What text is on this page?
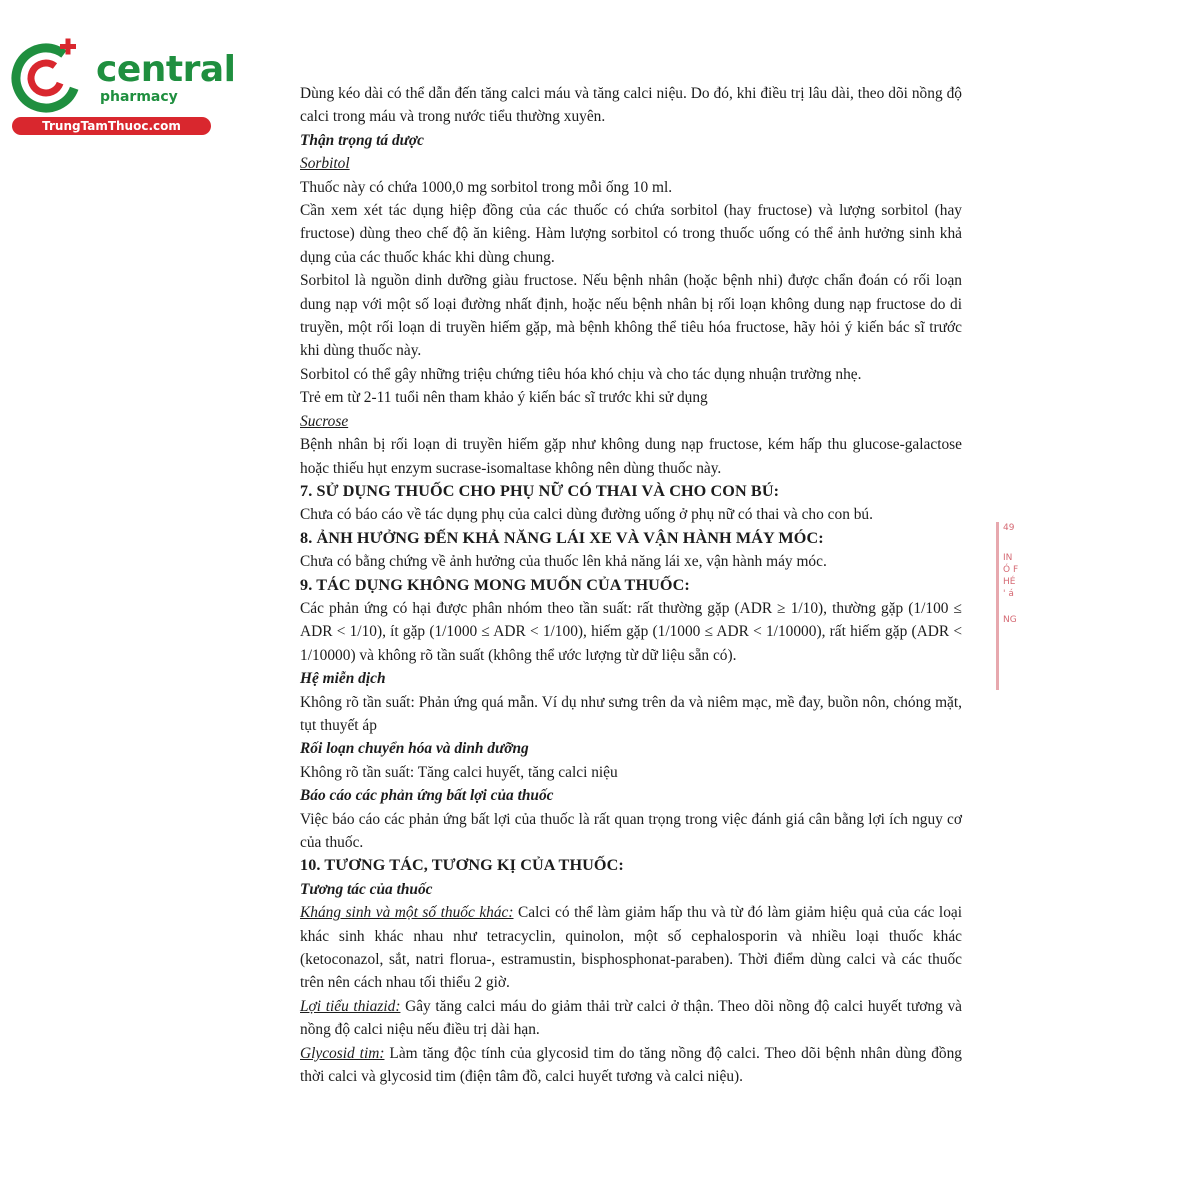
central
pharmacy
TrungTamThuoc.com

Dùng kéo dài có thể dẫn đến tăng calci máu và tăng calci niệu. Do đó, khi điều trị lâu dài, theo dõi nồng độ calci trong máu và trong nước tiểu thường xuyên.

Thận trọng tá dược

Sorbitol

Thuốc này có chứa 1000,0 mg sorbitol trong mỗi ống 10 ml.

Cần xem xét tác dụng hiệp đồng của các thuốc có chứa sorbitol (hay fructose) và lượng sorbitol (hay fructose) dùng theo chế độ ăn kiêng. Hàm lượng sorbitol có trong thuốc uống có thể ảnh hưởng sinh khả dụng của các thuốc khác khi dùng chung.

Sorbitol là nguồn dinh dưỡng giàu fructose. Nếu bệnh nhân (hoặc bệnh nhi) được chẩn đoán có rối loạn dung nạp với một số loại đường nhất định, hoặc nếu bệnh nhân bị rối loạn không dung nạp fructose do di truyền, một rối loạn di truyền hiếm gặp, mà bệnh không thể tiêu hóa fructose, hãy hỏi ý kiến bác sĩ trước khi dùng thuốc này.

Sorbitol có thể gây những triệu chứng tiêu hóa khó chịu và cho tác dụng nhuận trường nhẹ.

Trẻ em từ 2-11 tuổi nên tham khảo ý kiến bác sĩ trước khi sử dụng

Sucrose

Bệnh nhân bị rối loạn di truyền hiếm gặp như không dung nạp fructose, kém hấp thu glucose-galactose hoặc thiếu hụt enzym sucrase-isomaltase không nên dùng thuốc này.

7. SỬ DỤNG THUỐC CHO PHỤ NỮ CÓ THAI VÀ CHO CON BÚ:

Chưa có báo cáo về tác dụng phụ của calci dùng đường uống ở phụ nữ có thai và cho con bú.

8. ẢNH HƯỞNG ĐẾN KHẢ NĂNG LÁI XE VÀ VẬN HÀNH MÁY MÓC:

Chưa có bằng chứng về ảnh hưởng của thuốc lên khả năng lái xe, vận hành máy móc.

9. TÁC DỤNG KHÔNG MONG MUỐN CỦA THUỐC:

Các phản ứng có hại được phân nhóm theo tần suất: rất thường gặp (ADR ≥ 1/10), thường gặp (1/100 ≤ ADR < 1/10), ít gặp (1/1000 ≤ ADR < 1/100), hiếm gặp (1/1000 ≤ ADR < 1/10000), rất hiếm gặp (ADR < 1/10000) và không rõ tần suất (không thể ước lượng từ dữ liệu sẵn có).

Hệ miễn dịch

Không rõ tần suất: Phản ứng quá mẫn. Ví dụ như sưng trên da và niêm mạc, mề đay, buồn nôn, chóng mặt, tụt thuyết áp

Rối loạn chuyển hóa và dinh dưỡng

Không rõ tần suất: Tăng calci huyết, tăng calci niệu

Báo cáo các phản ứng bất lợi của thuốc

Việc báo cáo các phản ứng bất lợi của thuốc là rất quan trọng trong việc đánh giá cân bằng lợi ích nguy cơ của thuốc.

10. TƯƠNG TÁC, TƯƠNG KỊ CỦA THUỐC:

Tương tác của thuốc

Kháng sinh và một số thuốc khác: Calci có thể làm giảm hấp thu và từ đó làm giảm hiệu quả của các loại khác sinh khác nhau như tetracyclin, quinolon, một số cephalosporin và nhiều loại thuốc khác (ketoconazol, sắt, natri florua-, estramustin, bisphosphonat-paraben). Thời điểm dùng calci và các thuốc trên nên cách nhau tối thiểu 2 giờ.

Lợi tiểu thiazid: Gây tăng calci máu do giảm thải trừ calci ở thận. Theo dõi nồng độ calci huyết tương và nồng độ calci niệu nếu điều trị dài hạn.

Glycosid tim: Làm tăng độc tính của glycosid tim do tăng nồng độ calci. Theo dõi bệnh nhân dùng đồng thời calci và glycosid tim (điện tâm đồ, calci huyết tương và calci niệu).

49
IN
Ó F
HÉ
' á
NG
